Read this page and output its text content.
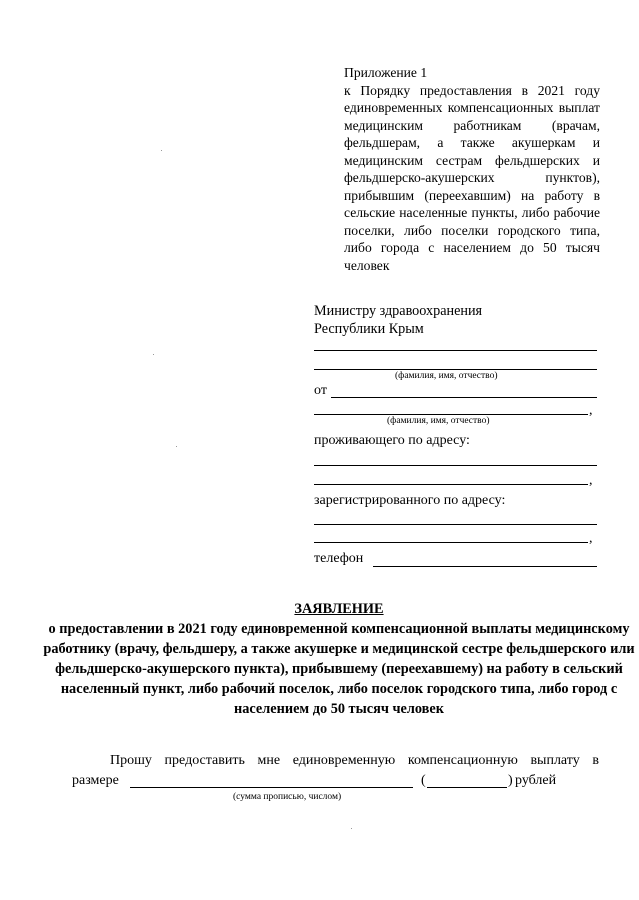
Приложение 1
к Порядку предоставления в 2021 году единовременных компенсационных выплат медицинским работникам (врачам, фельдшерам, а также акушеркам и медицинским сестрам фельдшерских и фельдшерско-акушерских пунктов), прибывшим (переехавшим) на работу в сельские населенные пункты, либо рабочие поселки, либо поселки городского типа, либо города с населением до 50 тысяч человек
Министру здравоохранения
Республики Крым
(фамилия, имя, отчество)
от
,
(фамилия, имя, отчество)
проживающего по адресу:
,
зарегистрированного по адресу:
,
телефон
ЗАЯВЛЕНИЕ
о предоставлении в 2021 году единовременной компенсационной выплаты медицинскому работнику (врачу, фельдшеру, а также акушерке и медицинской сестре фельдшерского или фельдшерско-акушерского пункта), прибывшему (переехавшему) на работу в сельский населенный пункт, либо рабочий поселок, либо поселок городского типа, либо город с населением до 50 тысяч человек
Прошу предоставить мне единовременную компенсационную выплату в
размере	(	) рублей
(сумма прописью, числом)
